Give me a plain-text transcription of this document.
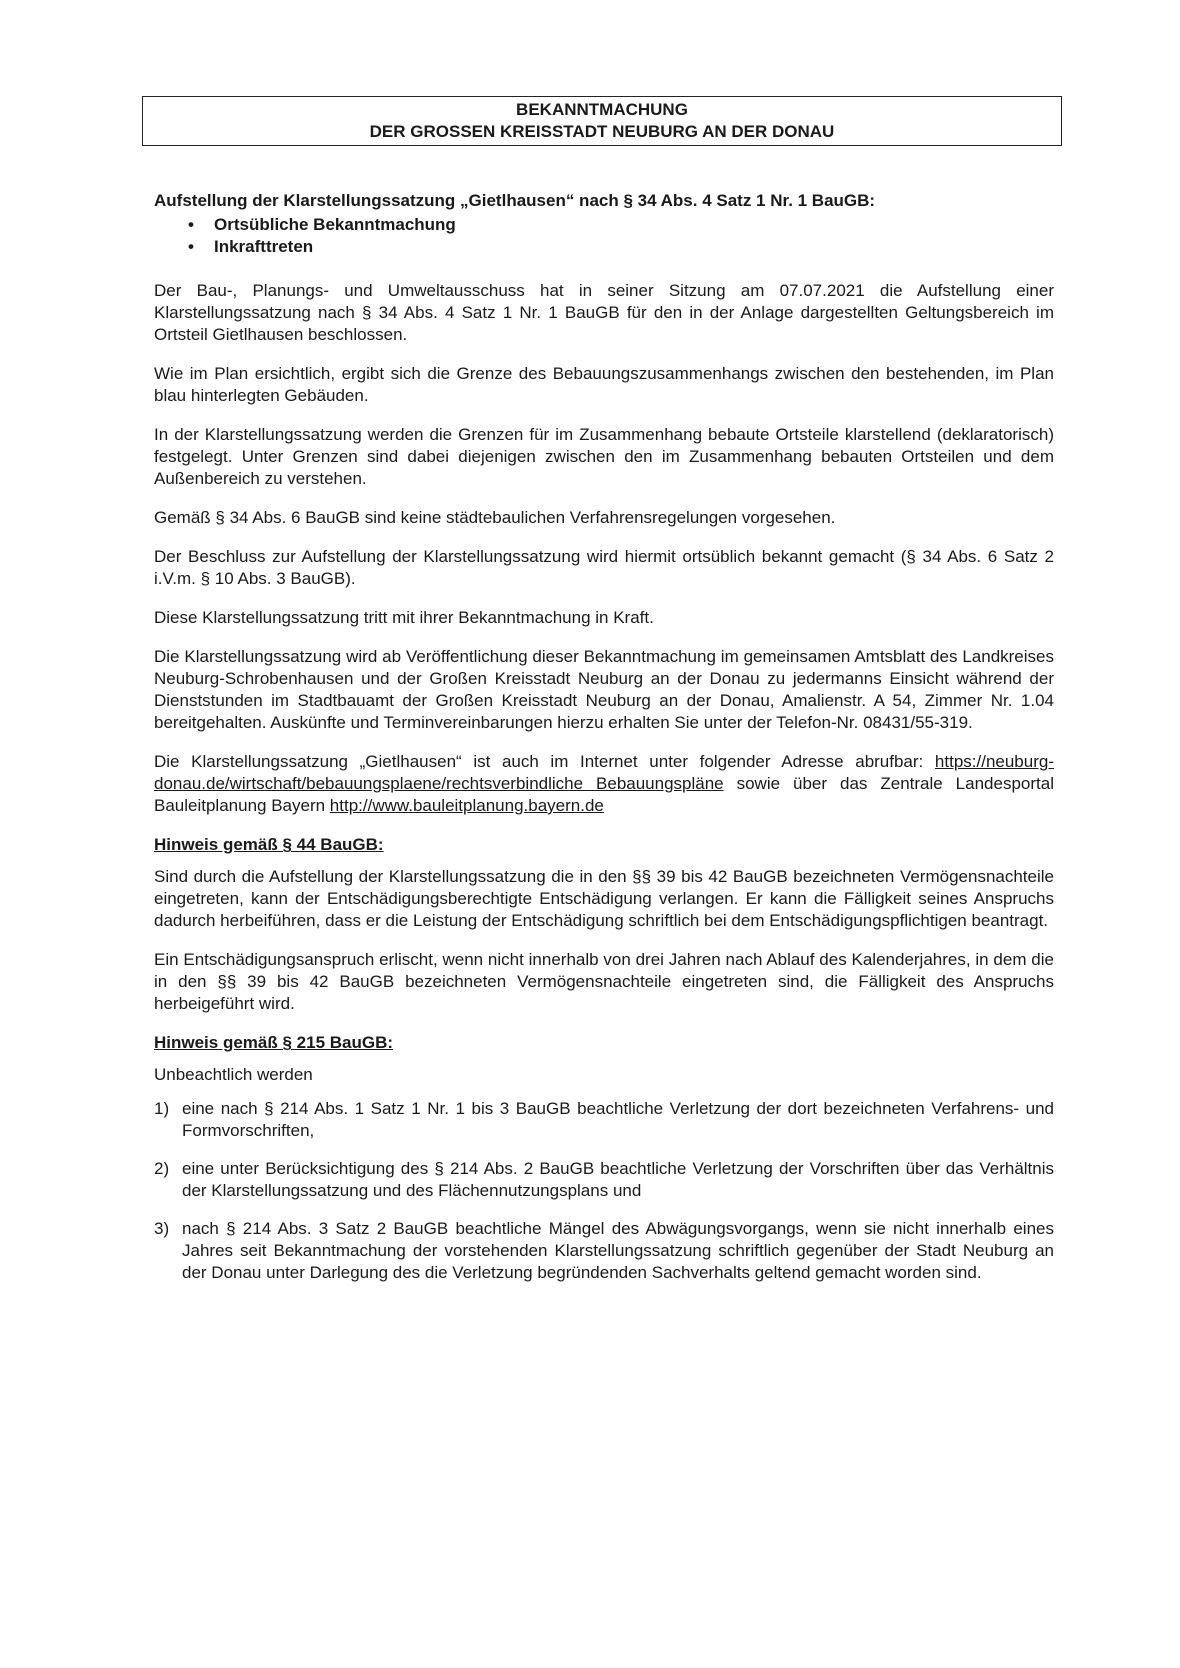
BEKANNTMACHUNG
DER GROSSEN KREISSTADT NEUBURG AN DER DONAU

Aufstellung der Klarstellungssatzung „Gietlhausen“ nach § 34 Abs. 4 Satz 1 Nr. 1 BauGB:

• Ortsübliche Bekanntmachung
• Inkrafttreten

Der Bau-, Planungs- und Umweltausschuss hat in seiner Sitzung am 07.07.2021 die Aufstellung einer Klarstellungssatzung nach § 34 Abs. 4 Satz 1 Nr. 1 BauGB für den in der Anlage dargestellten Geltungsbereich im Ortsteil Gietlhausen beschlossen.

Wie im Plan ersichtlich, ergibt sich die Grenze des Bebauungszusammenhangs zwischen den bestehenden, im Plan blau hinterlegten Gebäuden.

In der Klarstellungssatzung werden die Grenzen für im Zusammenhang bebaute Ortsteile klarstellend (deklaratorisch) festgelegt. Unter Grenzen sind dabei diejenigen zwischen den im Zusammenhang bebauten Ortsteilen und dem Außenbereich zu verstehen.

Gemäß § 34 Abs. 6 BauGB sind keine städtebaulichen Verfahrensregelungen vorgesehen.

Der Beschluss zur Aufstellung der Klarstellungssatzung wird hiermit ortsüblich bekannt gemacht (§ 34 Abs. 6 Satz 2 i.V.m. § 10 Abs. 3 BauGB).

Diese Klarstellungssatzung tritt mit ihrer Bekanntmachung in Kraft.

Die Klarstellungssatzung wird ab Veröffentlichung dieser Bekanntmachung im gemeinsamen Amtsblatt des Landkreises Neuburg-Schrobenhausen und der Großen Kreisstadt Neuburg an der Donau zu jedermanns Einsicht während der Dienststunden im Stadtbauamt der Großen Kreisstadt Neuburg an der Donau, Amalienstr. A 54, Zimmer Nr. 1.04 bereitgehalten. Auskünfte und Terminvereinbarungen hierzu erhalten Sie unter der Telefon-Nr. 08431/55-319.

Die Klarstellungssatzung „Gietlhausen“ ist auch im Internet unter folgender Adresse abrufbar: https://neuburg-donau.de/wirtschaft/bebauungsplaene/rechtsverbindliche Bebauungspläne sowie über das Zentrale Landesportal Bauleitplanung Bayern http://www.bauleitplanung.bayern.de

Hinweis gemäß § 44 BauGB:

Sind durch die Aufstellung der Klarstellungssatzung die in den §§ 39 bis 42 BauGB bezeichneten Vermögensnachteile eingetreten, kann der Entschädigungsberechtigte Entschädigung verlangen. Er kann die Fälligkeit seines Anspruchs dadurch herbeiführen, dass er die Leistung der Entschädigung schriftlich bei dem Entschädigungspflichtigen beantragt.

Ein Entschädigungsanspruch erlischt, wenn nicht innerhalb von drei Jahren nach Ablauf des Kalenderjahres, in dem die in den §§ 39 bis 42 BauGB bezeichneten Vermögensnachteile eingetreten sind, die Fälligkeit des Anspruchs herbeigeführt wird.

Hinweis gemäß § 215 BauGB:

Unbeachtlich werden

1) eine nach § 214 Abs. 1 Satz 1 Nr. 1 bis 3 BauGB beachtliche Verletzung der dort bezeichneten Verfahrens- und Formvorschriften,
2) eine unter Berücksichtigung des § 214 Abs. 2 BauGB beachtliche Verletzung der Vorschriften über das Verhältnis der Klarstellungssatzung und des Flächennutzungsplans und
3) nach § 214 Abs. 3 Satz 2 BauGB beachtliche Mängel des Abwägungsvorgangs, wenn sie nicht innerhalb eines Jahres seit Bekanntmachung der vorstehenden Klarstellungssatzung schriftlich gegenüber der Stadt Neuburg an der Donau unter Darlegung des die Verletzung begründenden Sachverhalts geltend gemacht worden sind.
